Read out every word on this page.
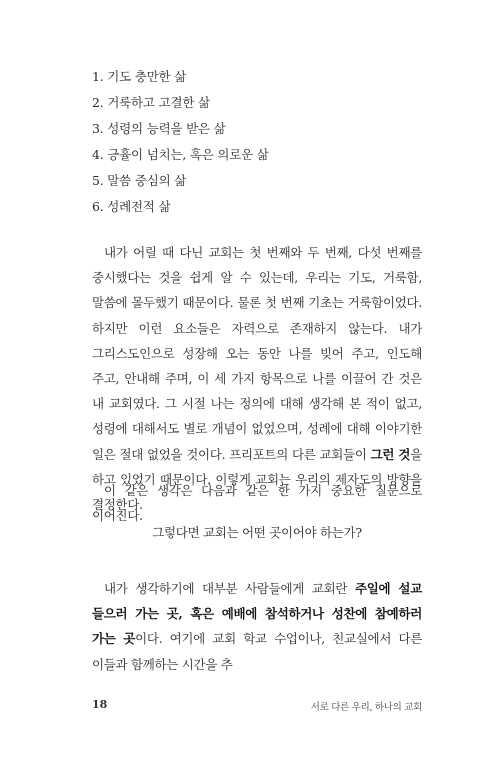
1. 기도 충만한 삶
2. 거룩하고 고결한 삶
3. 성령의 능력을 받은 삶
4. 긍휼이 넘치는, 혹은 의로운 삶
5. 말씀 중심의 삶
6. 성례전적 삶

내가 어릴 때 다닌 교회는 첫 번째와 두 번째, 다섯 번째를 중시했다는 것을 쉽게 알 수 있는데, 우리는 기도, 거룩함, 말씀에 몰두했기 때문이다. 물론 첫 번째 기초는 거룩함이었다. 하지만 이런 요소들은 자력으로 존재하지 않는다. 내가 그리스도인으로 성장해 오는 동안 나를 빚어 주고, 인도해 주고, 안내해 주며, 이 세 가지 항목으로 나를 이끌어 간 것은 내 교회였다. 그 시절 나는 정의에 대해 생각해 본 적이 없고, 성령에 대해서도 별로 개념이 없었으며, 성례에 대해 이야기한 일은 절대 없었을 것이다. 프리포트의 다른 교회들이 그런 것을 하고 있었기 때문이다. 이렇게 교회는 우리의 제자도의 방향을 결정한다.

이 같은 생각은 다음과 같은 한 가지 중요한 질문으로 이어진다.

그렇다면 교회는 어떤 곳이어야 하는가?

내가 생각하기에 대부분 사람들에게 교회란 주일에 설교 들으러 가는 곳, 혹은 예배에 참석하거나 성찬에 참예하러 가는 곳이다. 여기에 교회 학교 수업이나, 친교실에서 다른 이들과 함께하는 시간을 추

18	서로 다른 우리, 하나의 교회
